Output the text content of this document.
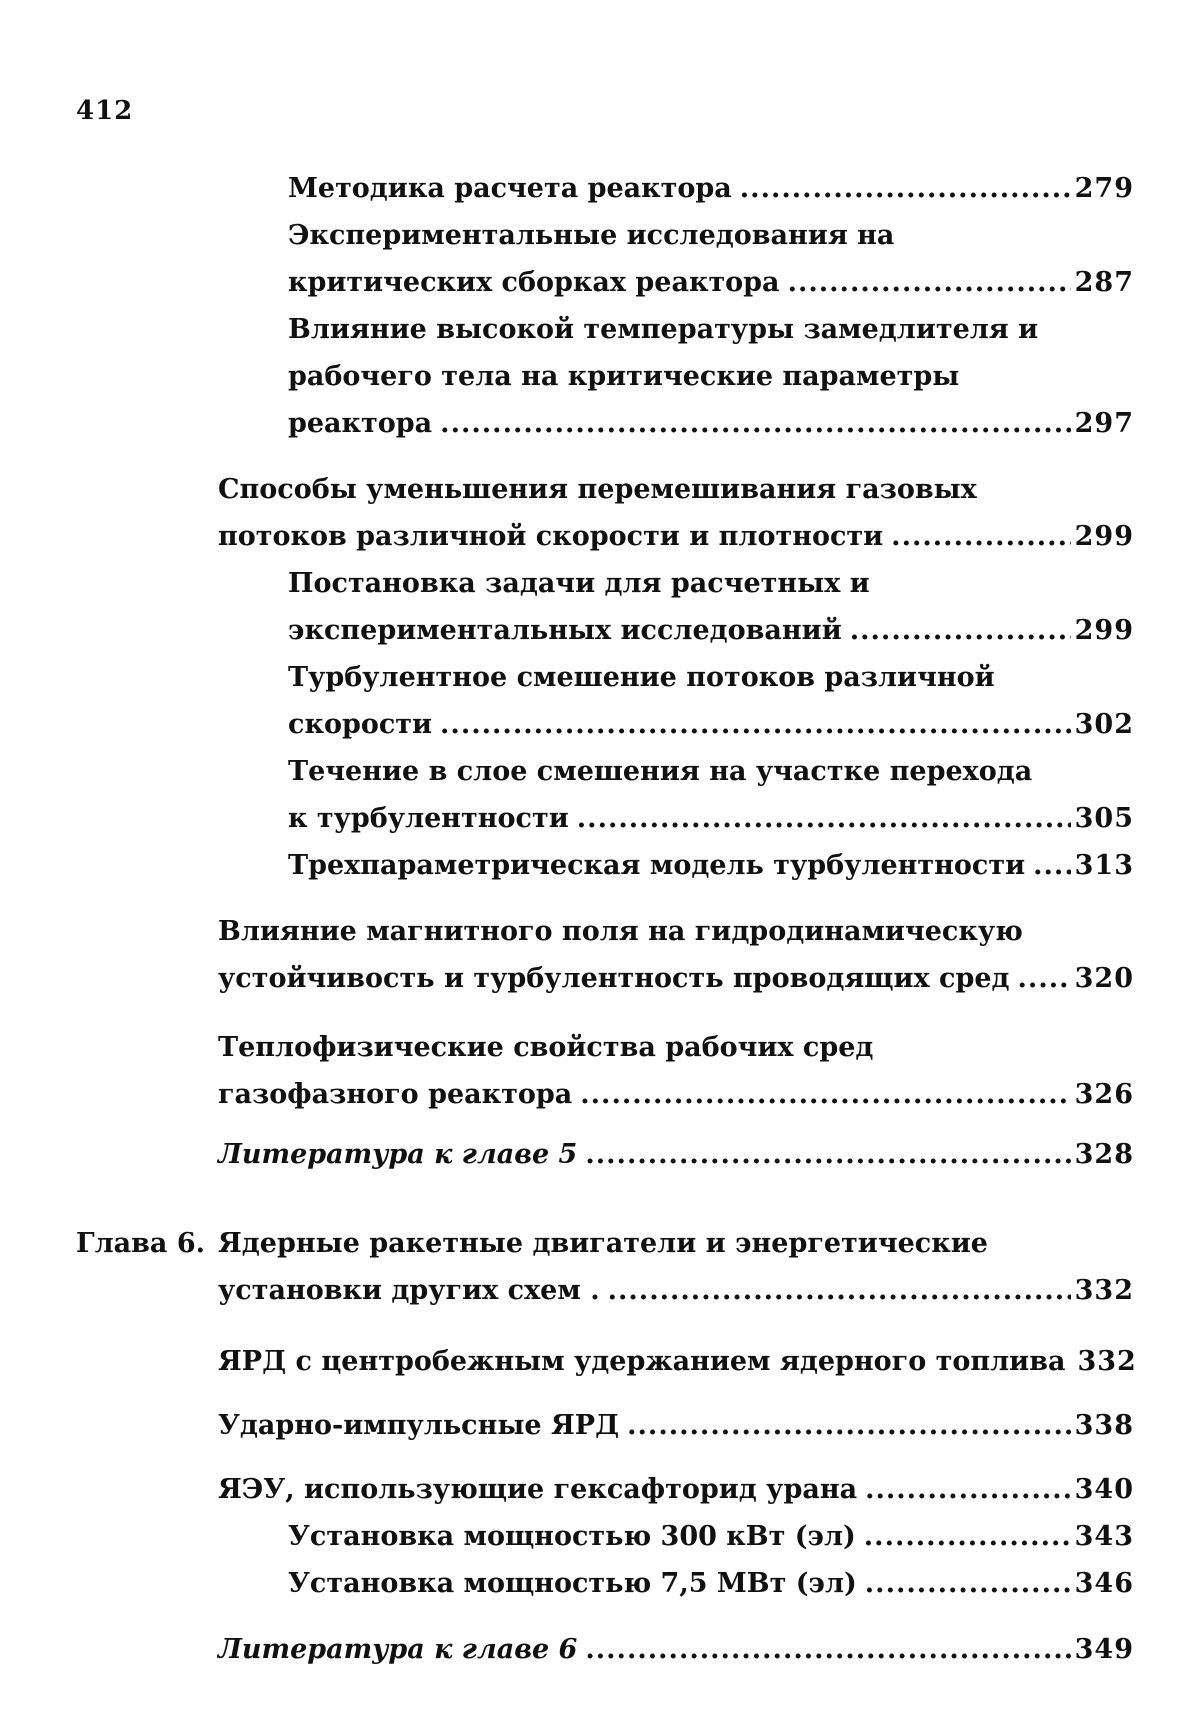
412
Методика расчета реактора .....	279
Экспериментальные исследования на
критических сборках реактора .....	287
Влияние высокой температуры замедлителя и
рабочего тела на критические параметры
реактора .....	297
Способы уменьшения перемешивания газовых
потоков различной скорости и плотности .....	299
Постановка задачи для расчетных и
экспериментальных исследований .....	299
Турбулентное смешение потоков различной
скорости .....	302
Течение в слое смешения на участке перехода
к турбулентности .....	305
Трехпараметрическая модель турбулентности ..... 313
Влияние магнитного поля на гидродинамическую
устойчивость и турбулентность проводящих сред ..... 320
Теплофизические свойства рабочих сред
газофазного реактора .....	326
Литература к главе 5 .....	328
Глава 6. Ядерные ракетные двигатели и энергетические
установки других схем . .....	332
ЯРД с центробежным удержанием ядерного топлива 332
Ударно-импульсные ЯРД .....	338
ЯЭУ, использующие гексафторид урана .....	340
Установка мощностью 300 кВт (эл) .....	343
Установка мощностью 7,5 МВт (эл) .....	346
Литература к главе 6 .....	349
